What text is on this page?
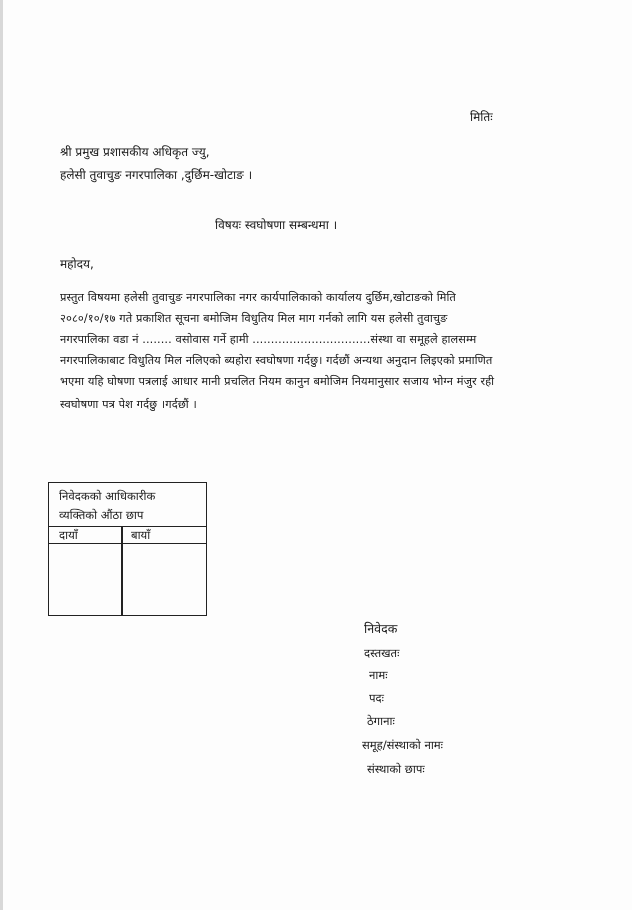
मितिः
श्री प्रमुख प्रशासकीय अधिकृत ज्यु,
हलेसी तुवाचुङ नगरपालिका ,दुर्छिम-खोटाङ ।
विषयः स्वघोषणा सम्बन्धमा ।
महोदय,
प्रस्तुत विषयमा हलेसी तुवाचुङ नगरपालिका नगर कार्यपालिकाको कार्यालय दुर्छिम,खोटाङको मिति
२०८०/१०/१७ गते प्रकाशित सूचना बमोजिम विधुतिय मिल माग गर्नको लागि यस हलेसी तुवाचुङ
नगरपालिका वडा नं ........ वसोवास गर्ने हामी ................................संस्था वा समूहले हालसम्म
नगरपालिकाबाट विधुतिय मिल नलिएको ब्यहोरा स्वघोषणा गर्दछु। गर्दछौं अन्यथा अनुदान लिइएको प्रमाणित
भएमा यहि घोषणा पत्रलाई आधार मानी प्रचलित नियम कानुन बमोजिम नियमानुसार सजाय भोग्न मंजुर रही
स्वघोषणा पत्र पेश गर्दछु ।गर्दछौं ।
निवेदकको आधिकारीक
व्यक्तिको औंठा छाप
दायाँ	बायाँ
निवेदक
दस्तखतः
नामः
पदः
ठेगानाः
समूह/संस्थाको नामः
संस्थाको छापः
